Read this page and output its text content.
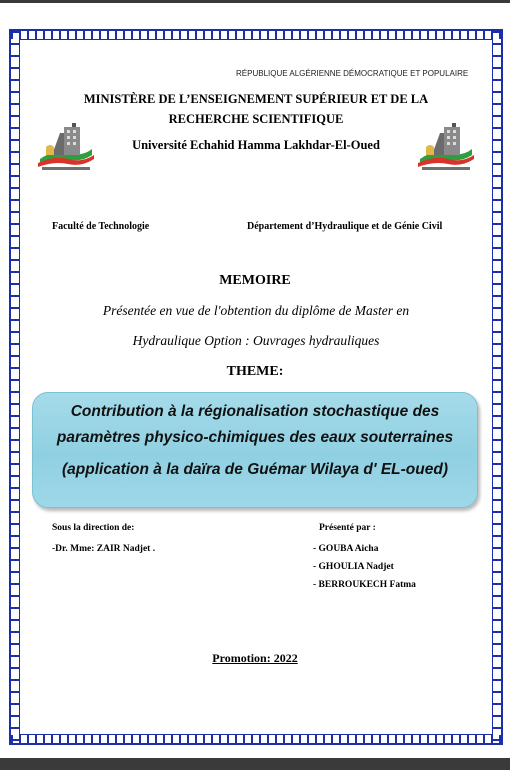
RÉPUBLIQUE ALGÉRIENNE DÉMOCRATIQUE ET POPULAIRE
MINISTÈRE DE L’ENSEIGNEMENT SUPÉRIEUR ET DE LA
RECHERCHE SCIENTIFIQUE
Université Echahid Hamma Lakhdar-El-Oued
Faculté de Technologie	Département d’Hydraulique et de Génie Civil
MEMOIRE
Présentée en vue de l'obtention du diplôme de Master en
Hydraulique Option : Ouvrages hydrauliques
THEME:
Contribution à la régionalisation stochastique des
paramètres physico-chimiques des eaux souterraines
(application à la daïra de Guémar Wilaya d' EL-oued)
Sous la direction de:
-Dr. Mme: ZAIR Nadjet .
Présenté par :
- GOUBA Aicha
- GHOULIA Nadjet
- BERROUKECH Fatma
Promotion: 2022
